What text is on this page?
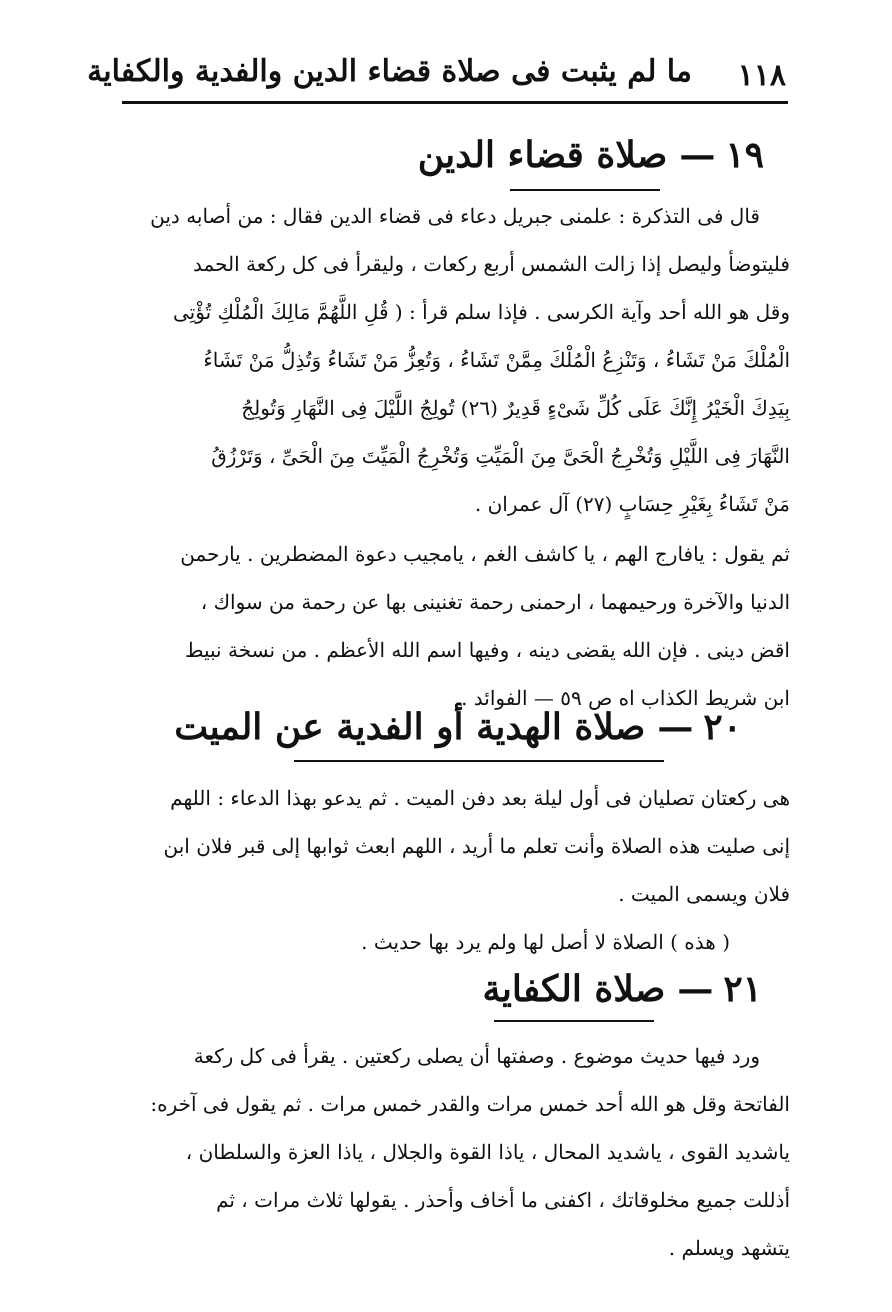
١١٨
ما لم يثبت فى صلاة قضاء الدين والفدية والكفاية
١٩—صلاة قضاء الدين
قال فى التذكرة : علمنى جبريل دعاء فى قضاء الدين فقال : من أصابه دين
فليتوضأ وليصل إذا زالت الشمس أربع ركعات ، وليقرأ فى كل ركعة الحمد
وقل هو الله أحد وآية الكرسى . فإذا سلم قرأ : ( قُلِ اللَّهُمَّ مَالِكَ الْمُلْكِ تُؤْتِى
الْمُلْكَ مَنْ تَشَاءُ ، وَتَنْزِعُ الْمُلْكَ مِمَّنْ تَشَاءُ ، وَتُعِزُّ مَنْ تَشَاءُ وَتُذِلُّ مَنْ تَشَاءُ
بِيَدِكَ الْخَيْرُ إِنَّكَ عَلَى كُلِّ شَىْءٍ قَدِيرٌ (٢٦) تُولِجُ اللَّيْلَ فِى النَّهَارِ وَتُولِجُ
النَّهَارَ فِى اللَّيْلِ وَتُخْرِجُ الْحَىَّ مِنَ الْمَيِّتِ وَتُخْرِجُ الْمَيِّتَ مِنَ الْحَىِّ ، وَتَرْزُقُ
مَنْ تَشَاءُ بِغَيْرِ حِسَابٍ (٢٧) آل عمران .
ثم يقول : يافارج الهم ، يا كاشف الغم ، يامجيب دعوة المضطرين . يارحمن
الدنيا والآخرة ورحيمهما ، ارحمنى رحمة تغنينى بها عن رحمة من سواك ،
اقض دينى . فإن الله يقضى دينه ، وفيها اسم الله الأعظم . من نسخة نبيط
ابن شريط الكذاب اه ص ٥٩ — الفوائد .
٢٠—صلاة الهدية أو الفدية عن الميت
هى ركعتان تصليان فى أول ليلة بعد دفن الميت . ثم يدعو بهذا الدعاء : اللهم
إنى صليت هذه الصلاة وأنت تعلم ما أريد ، اللهم ابعث ثوابها إلى قبر فلان ابن
فلان ويسمى الميت .
( هذه ) الصلاة لا أصل لها ولم يرد بها حديث .
٢١—صلاة الكفاية
ورد فيها حديث موضوع . وصفتها أن يصلى ركعتين . يقرأ فى كل ركعة
الفاتحة وقل هو الله أحد خمس مرات والقدر خمس مرات . ثم يقول فى آخره:
ياشديد القوى ، ياشديد المحال ، ياذا القوة والجلال ، ياذا العزة والسلطان ،
أذللت جميع مخلوقاتك ، اكفنى ما أخاف وأحذر . يقولها ثلاث مرات ، ثم
يتشهد ويسلم .
